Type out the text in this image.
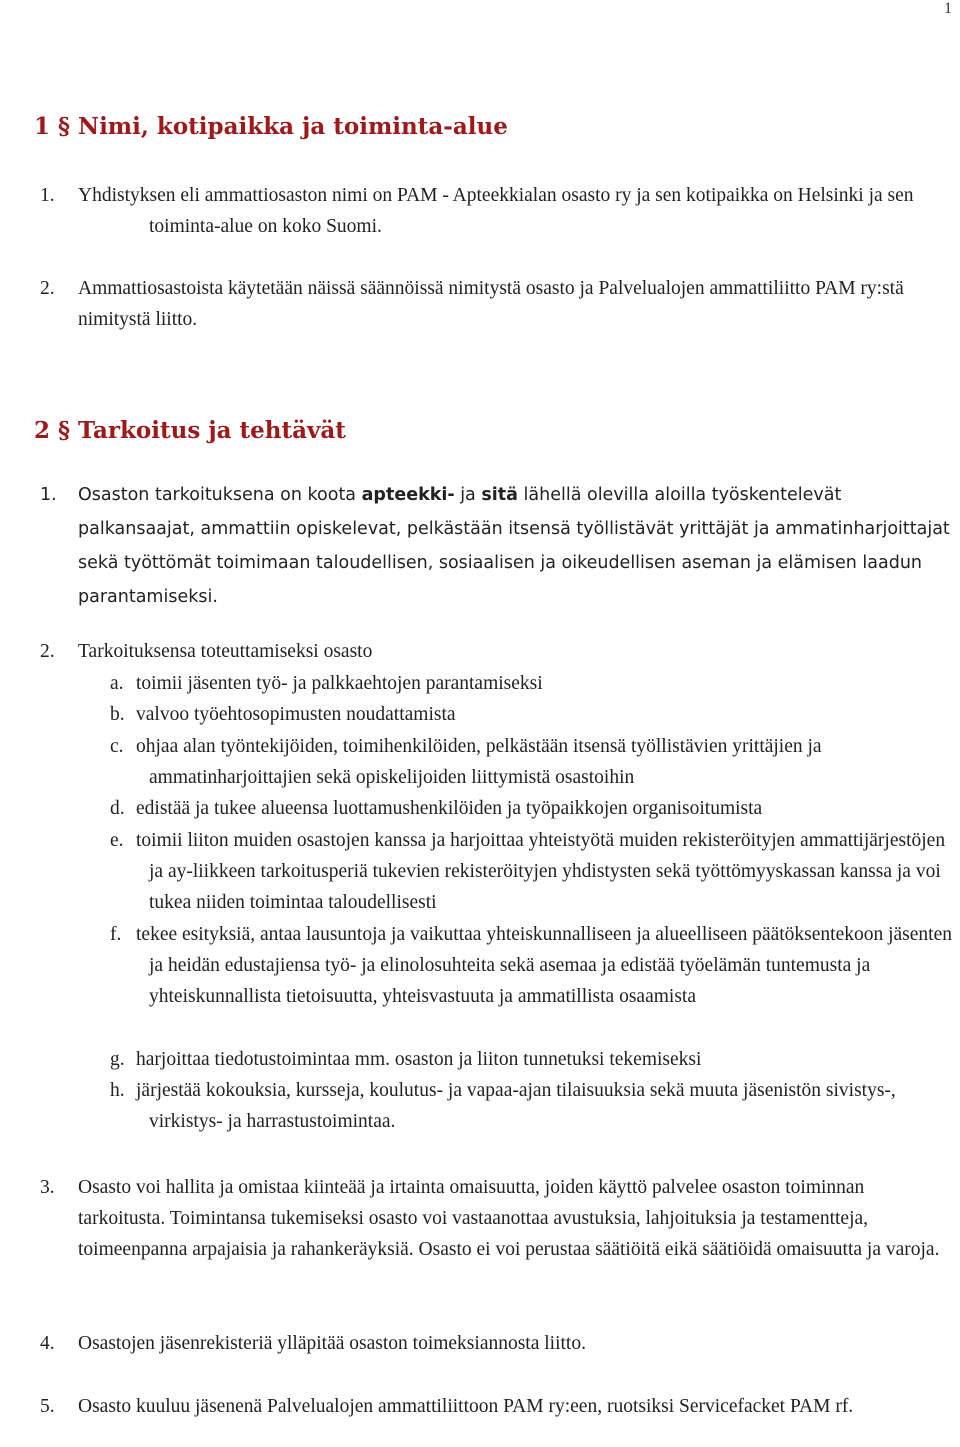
1
1 § Nimi, kotipaikka ja toiminta-alue
1. Yhdistyksen eli ammattiosaston nimi on PAM - Apteekkialan osasto ry ja sen kotipaikka on Helsinki ja sen toiminta-alue on koko Suomi.
2. Ammattiosastoista käytetään näissä säännöissä nimitystä osasto ja Palvelualojen ammattiliitto PAM ry:stä nimitystä liitto.
2 § Tarkoitus ja tehtävät
1. Osaston tarkoituksena on koota apteekki- ja sitä lähellä olevilla aloilla työskentelevät palkansaajat, ammattiin opiskelevat, pelkästään itsensä työllistävät yrittäjät ja ammatinharjoittajat sekä työttömät toimimaan taloudellisen, sosiaalisen ja oikeudellisen aseman ja elämisen laadun parantamiseksi.
2. Tarkoituksensa toteuttamiseksi osasto
a. toimii jäsenten työ- ja palkkaehtojen parantamiseksi
b. valvoo työehtosopimusten noudattamista
c. ohjaa alan työntekijöiden, toimihenkilöiden, pelkästään itsensä työllistävien yrittäjien ja ammatinharjoittajien sekä opiskelijoiden liittymistä osastoihin
d. edistää ja tukee alueensa luottamushenkilöiden ja työpaikkojen organisoitumista
e. toimii liiton muiden osastojen kanssa ja harjoittaa yhteistyötä muiden rekisteröityjen ammattijärjestöjen ja ay-liikkeen tarkoitusperiä tukevien rekisteröityjen yhdistysten sekä työttömyyskassan kanssa ja voi tukea niiden toimintaa taloudellisesti
f. tekee esityksiä, antaa lausuntoja ja vaikuttaa yhteiskunnalliseen ja alueelliseen päätöksentekoon jäsenten ja heidän edustajiensa työ- ja elinolosuhteita sekä asemaa ja edistää työelämän tuntemusta ja yhteiskunnallista tietoisuutta, yhteisvastuuta ja ammatillista osaamista
g. harjoittaa tiedotustoimintaa mm. osaston ja liiton tunnetuksi tekemiseksi
h. järjestää kokouksia, kursseja, koulutus- ja vapaa-ajan tilaisuuksia sekä muuta jäsenistön sivistys-, virkistys- ja harrastustoimintaa.
3. Osasto voi hallita ja omistaa kiinteää ja irtainta omaisuutta, joiden käyttö palvelee osaston toiminnan tarkoitusta. Toimintansa tukemiseksi osasto voi vastaanottaa avustuksia, lahjoituksia ja testamentteja, toimeenpanna arpajaisia ja rahankeräyksiä. Osasto ei voi perustaa säätiöitä eikä säätiöidä omaisuutta ja varoja.
4. Osastojen jäsenrekisteriä ylläpitää osaston toimeksiannosta liitto.
5. Osasto kuuluu jäsenenä Palvelualojen ammattiliittoon PAM ry:een, ruotsiksi Servicefacket PAM rf.
